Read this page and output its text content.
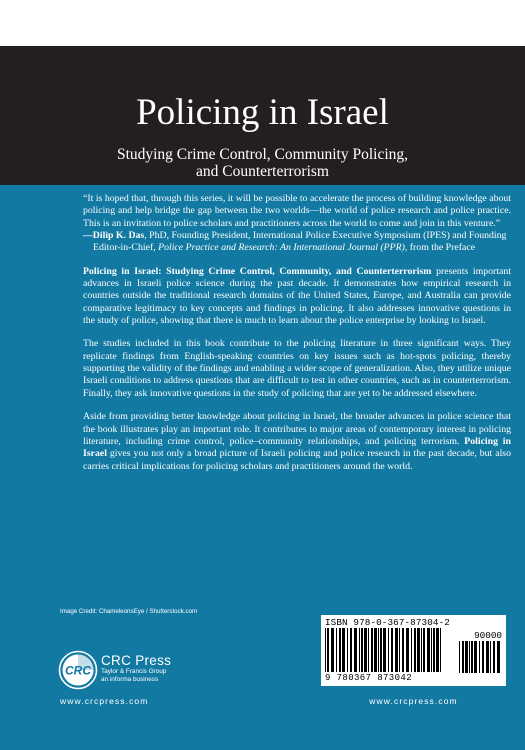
POLICING, COMPARATIVE CRIMINAL JUSTICE
Policing in Israel
Studying Crime Control, Community Policing,
and Counterterrorism

“It is hoped that, through this series, it will be possible to accelerate the process of building knowledge about policing and help bridge the gap between the two worlds—the world of police research and police practice. This is an invitation to police scholars and practitioners across the world to come and join in this venture.”

—Dilip K. Das, PhD, Founding President, International Police Executive Symposium (IPES) and Founding Editor-in-Chief, Police Practice and Research: An International Journal (PPR), from the Preface

Policing in Israel: Studying Crime Control, Community, and Counterterrorism presents important advances in Israeli police science during the past decade. It demonstrates how empirical research in countries outside the traditional research domains of the United States, Europe, and Australia can provide comparative legitimacy to key concepts and findings in policing. It also addresses innovative questions in the study of police, showing that there is much to learn about the police enterprise by looking to Israel.

The studies included in this book contribute to the policing literature in three significant ways. They replicate findings from English-speaking countries on key issues such as hot-spots policing, thereby supporting the validity of the findings and enabling a wider scope of generalization. Also, they utilize unique Israeli conditions to address questions that are difficult to test in other countries, such as in counterterrorism. Finally, they ask innovative questions in the study of policing that are yet to be addressed elsewhere.

Aside from providing better knowledge about policing in Israel, the broader advances in police science that the book illustrates play an important role. It contributes to major areas of contemporary interest in policing literature, including crime control, police–community relationships, and policing terrorism. Policing in Israel gives you not only a broad picture of Israeli policing and police research in the past decade, but also carries critical implications for policing scholars and practitioners around the world.

Image Credit: ChameleonsEye / Shutterstock.com
CRC
CRC Press
Taylor & Francis Group
an informa business
www.crcpress.com
ISBN 978-0-367-87304-2
90000
9 780367 873042
www.crcpress.com
